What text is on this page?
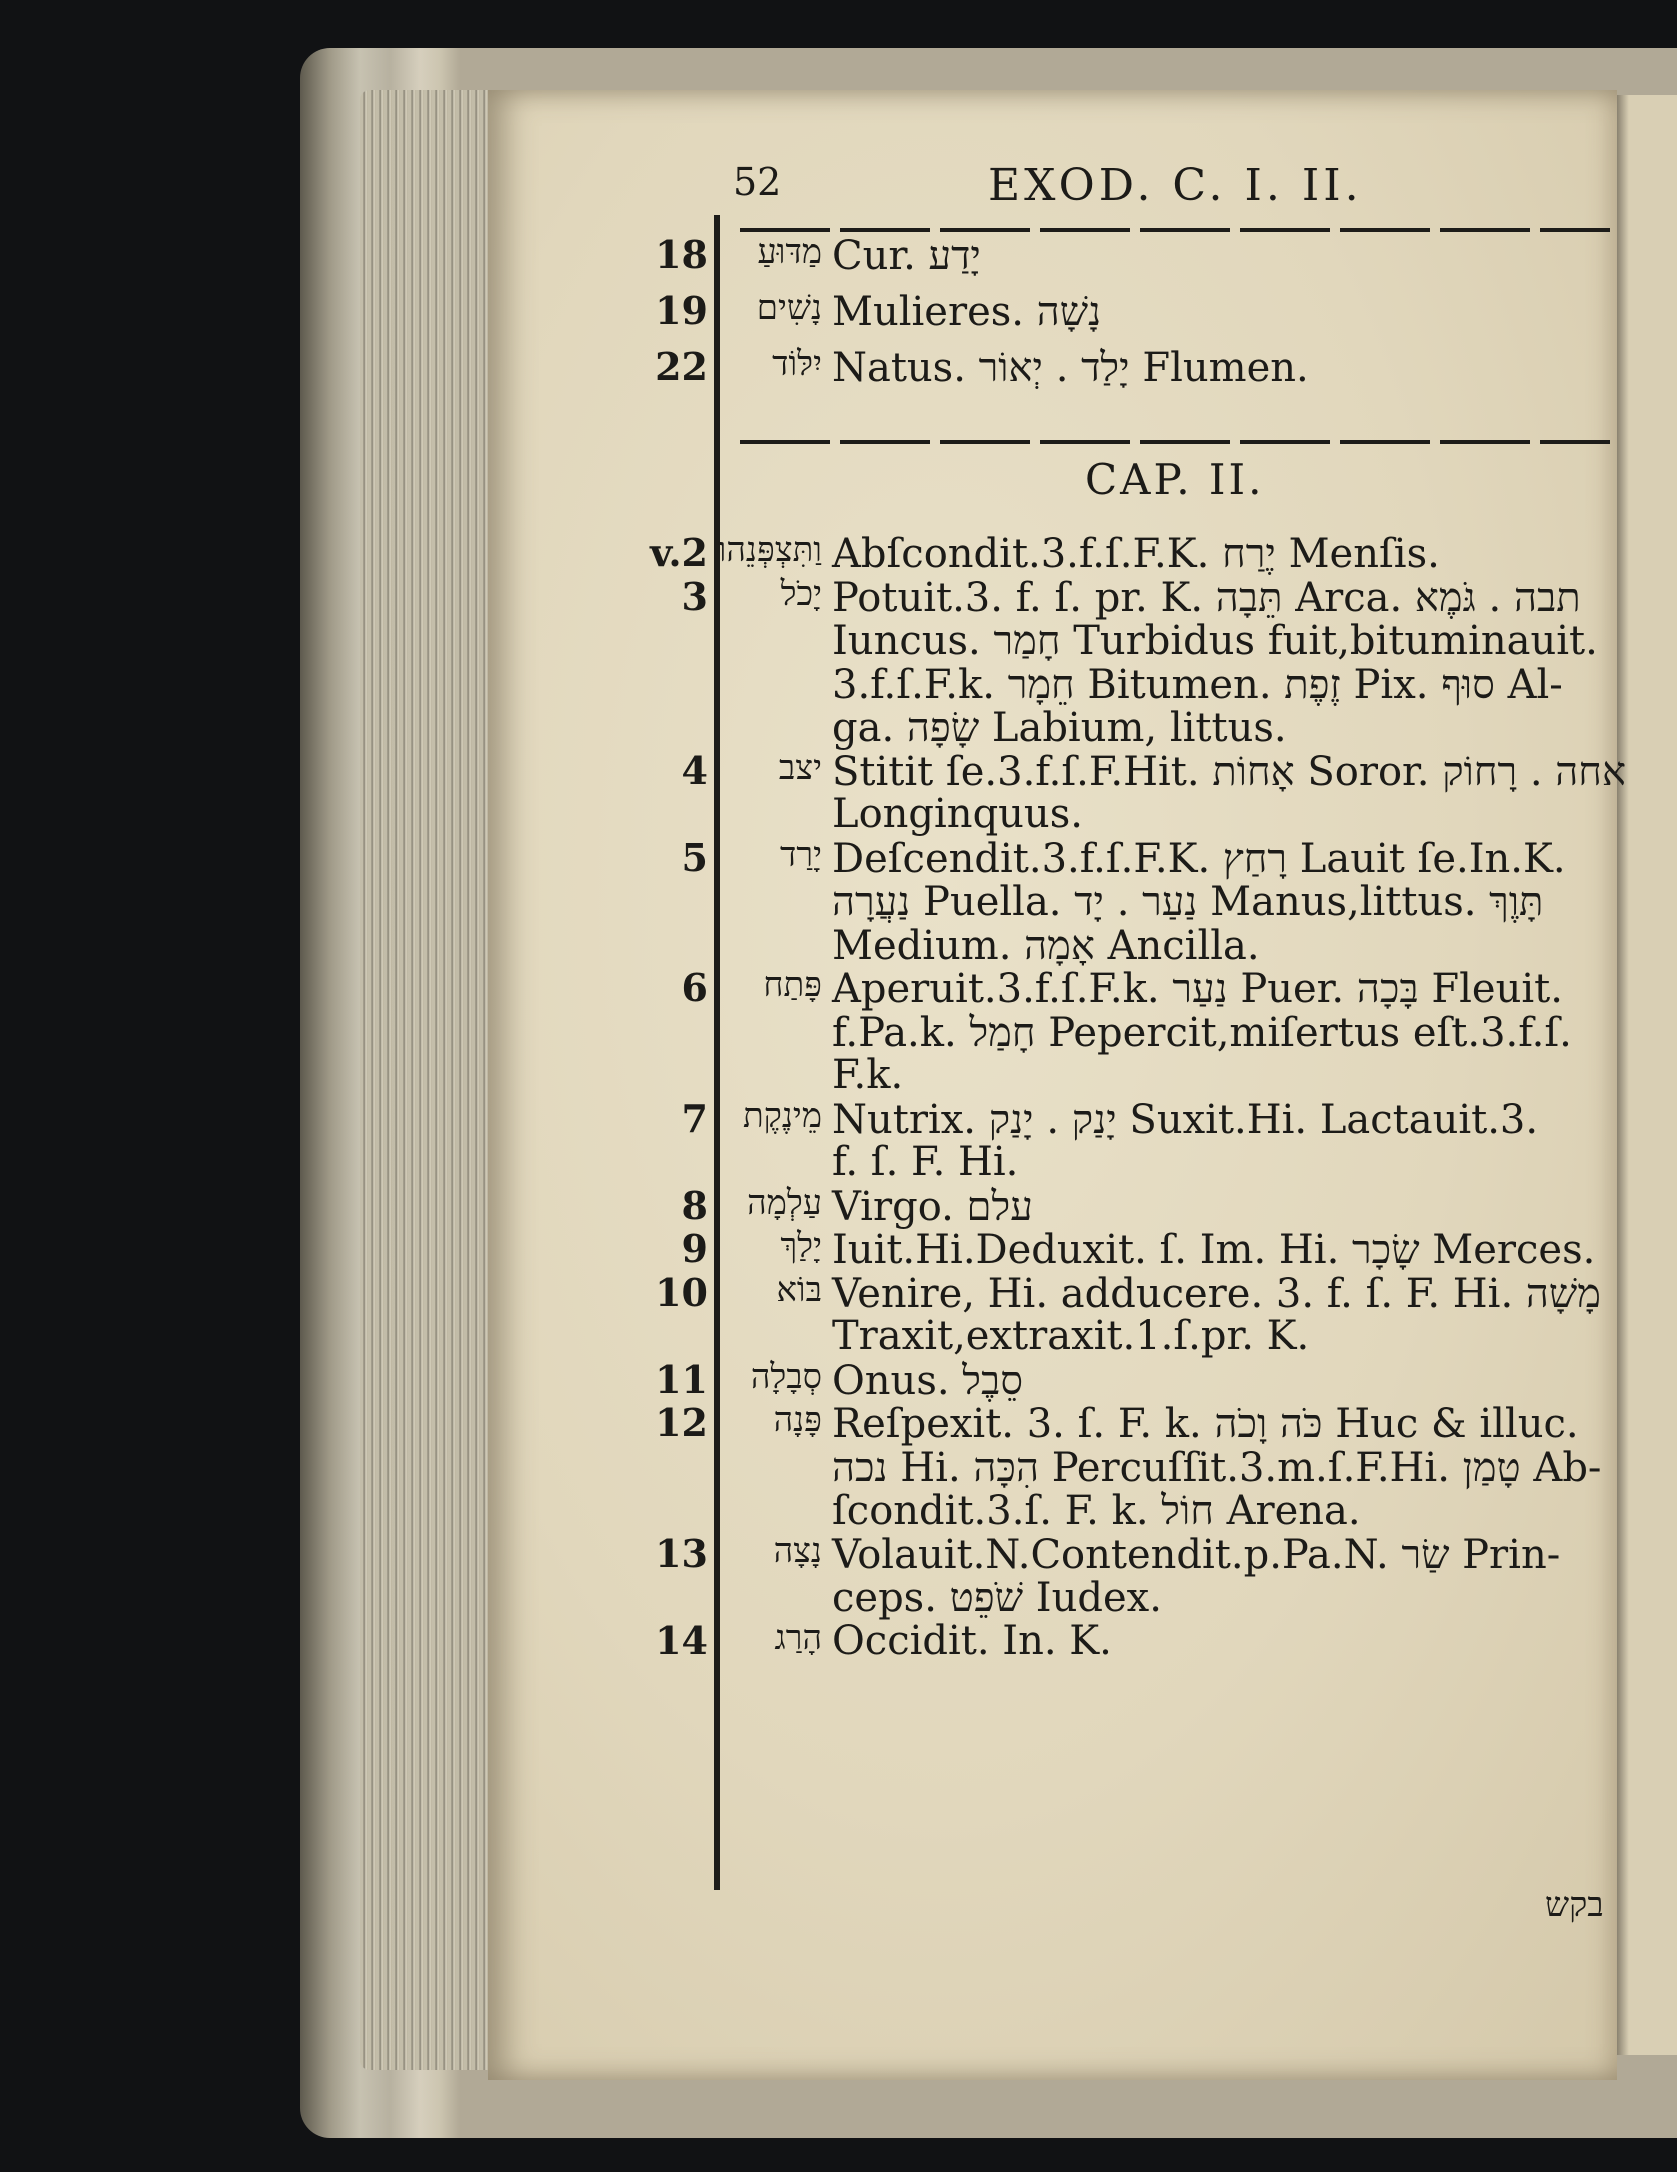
52	EXOD. C. I. II.
CAP. II.
18	מַדּוּעַ Cur. יָדַע
19	נָשִׁים Mulieres. נָשָׁה
22	יִלּוֹד Natus. יָלַד . יְאוֹר Flumen.
v.2 וַתִּצְפְּנֵהוּ Abſcondit.3.f.ſ.F.K. יֶרַח Menſis.
3	יָכֹל Potuit.3. f. ſ. pr. K. תֵּבָה Arca. תבה . גֹּמֶא
Iuncus. חָמַר Turbidus fuit,bituminauit.
3.f.ſ.F.k. חֵמָר Bitumen. זֶפֶת Pix. סוּף Al-
ga. שָׂפָה Labium, littus.
4	יצב Stitit ſe.3.f.ſ.F.Hit. אָחוֹת Soror. אחה . רָחוֹק
Longinquus.
5	יָרַד Deſcendit.3.f.ſ.F.K. רָחַץ Lauit ſe.In.K.
נַעֲרָה Puella. נַעַר . יָד Manus,littus. תָּוֶךְ
Medium. אָמָה Ancilla.
6	פָּתַח Aperuit.3.f.ſ.F.k. נַעַר Puer. בָּכָה Fleuit.
f.Pa.k. חָמַל Pepercit,miſertus eſt.3.f.ſ.
F.k.
7	מֵינֶקֶת Nutrix. יָנַק . יָנַק Suxit.Hi. Lactauit.3.
f. ſ. F. Hi.
8	עַלְמָה Virgo. עלם
9	יָלַךְ Iuit.Hi.Deduxit. ſ. Im. Hi. שָׂכָר Merces.
10	בּוֹא Venire, Hi. adducere. 3. f. ſ. F. Hi. מָשָׁה
Traxit,extraxit.1.ſ.pr. K.
11	סְבָלָה Onus. סֵבֶל
12	פָּנָה Reſpexit. 3. ſ. F. k. כֹּה וָכֹה Huc & illuc.
נכה Hi. הִכָּה Percuſſit.3.m.ſ.F.Hi. טָמַן Ab-
ſcondit.3.ſ. F. k. חוֹל Arena.
13	נָצָה Volauit.N.Contendit.p.Pa.N. שַׂר Prin-
ceps. שֹׁפֵט Iudex.
14	הָרַג Occidit. In. K.
בקש
